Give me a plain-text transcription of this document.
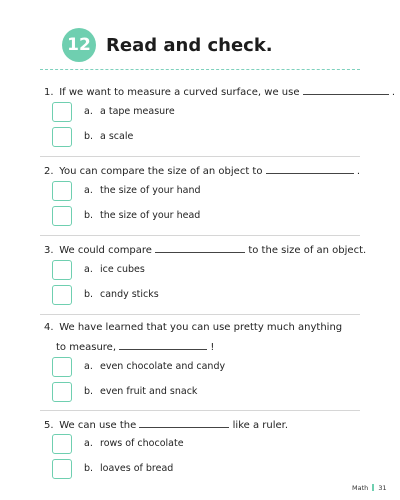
12 Read and check.
1. If we want to measure a curved surface, we use	.
a. a tape measure
b. a scale
2. You can compare the size of an object to	.
a. the size of your hand
b. the size of your head
3. We could compare	to the size of an object.
a. ice cubes
b. candy sticks
4. We have learned that you can use pretty much anything
to measure,	!
a. even chocolate and candy
b. even fruit and snack
5. We can use the	like a ruler.
a. rows of chocolate
b. loaves of bread
Math 31
